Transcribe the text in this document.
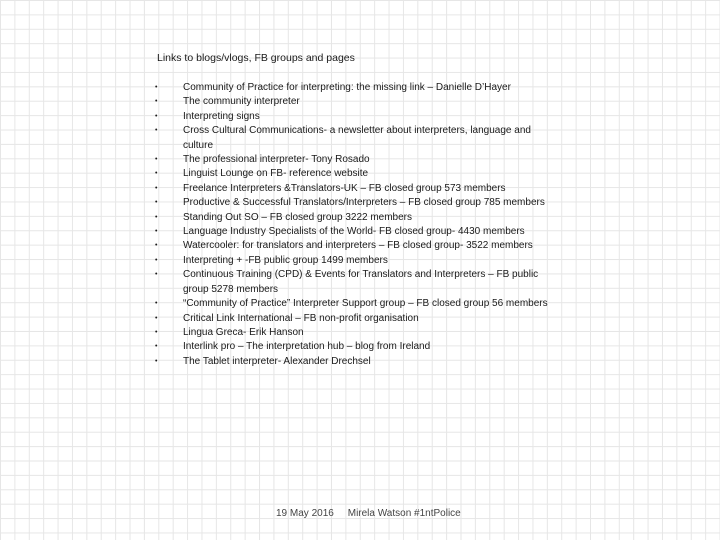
Links to blogs/vlogs, FB groups and pages
•	Community of Practice for interpreting: the missing link – Danielle D’Hayer
•	The community interpreter
•	Interpreting signs
•	Cross Cultural Communications- a newsletter about interpreters, language and culture
•	The professional interpreter- Tony Rosado
•	Linguist Lounge on FB- reference website
•	Freelance Interpreters &Translators-UK – FB closed group 573 members
•	Productive & Successful Translators/Interpreters – FB closed group 785 members
•	Standing Out SO – FB closed group 3222 members
•	Language Industry Specialists of the World- FB closed group- 4430 members
•	Watercooler: for translators and interpreters – FB closed group- 3522 members
•	Interpreting + -FB public group 1499 members
•	Continuous Training (CPD) & Events for Translators and Interpreters – FB public group 5278 members
•	“Community of Practice” Interpreter Support group – FB closed group 56 members
•	Critical Link International – FB non-profit organisation
•	Lingua Greca- Erik Hanson
•	Interlink pro – The interpretation hub – blog from Ireland
•	The Tablet interpreter- Alexander Drechsel
19 May 2016 Mirela Watson #1ntPolice
